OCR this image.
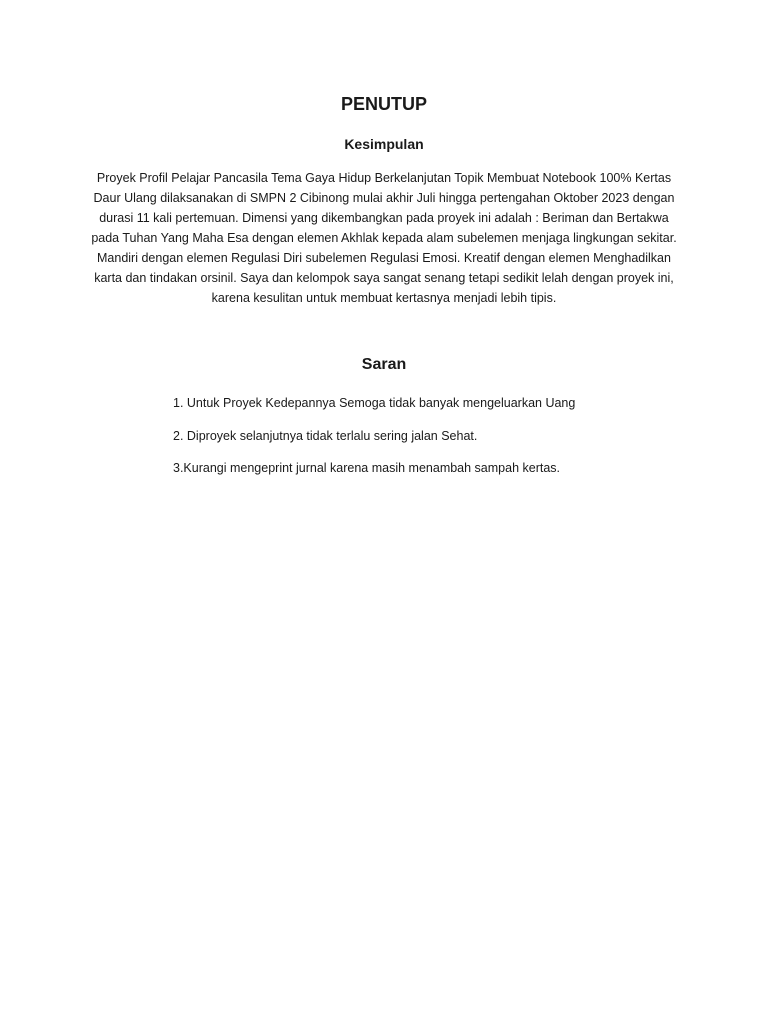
PENUTUP
Kesimpulan
Proyek Profil Pelajar Pancasila Tema Gaya Hidup Berkelanjutan Topik Membuat Notebook 100% Kertas
Daur Ulang dilaksanakan di SMPN 2 Cibinong mulai akhir Juli hingga pertengahan Oktober 2023 dengan
durasi 11 kali pertemuan. Dimensi yang dikembangkan pada proyek ini adalah : Beriman dan Bertakwa
pada Tuhan Yang Maha Esa dengan elemen Akhlak kepada alam subelemen menjaga lingkungan sekitar.
Mandiri dengan elemen Regulasi Diri subelemen Regulasi Emosi. Kreatif dengan elemen Menghadilkan
karta dan tindakan orsinil. Saya dan kelompok saya sangat senang tetapi sedikit lelah dengan proyek ini,
karena kesulitan untuk membuat kertasnya menjadi lebih tipis.
Saran
1. Untuk Proyek Kedepannya Semoga tidak banyak mengeluarkan Uang
2. Diproyek selanjutnya tidak terlalu sering jalan Sehat.
3.Kurangi mengeprint jurnal karena masih menambah sampah kertas.
